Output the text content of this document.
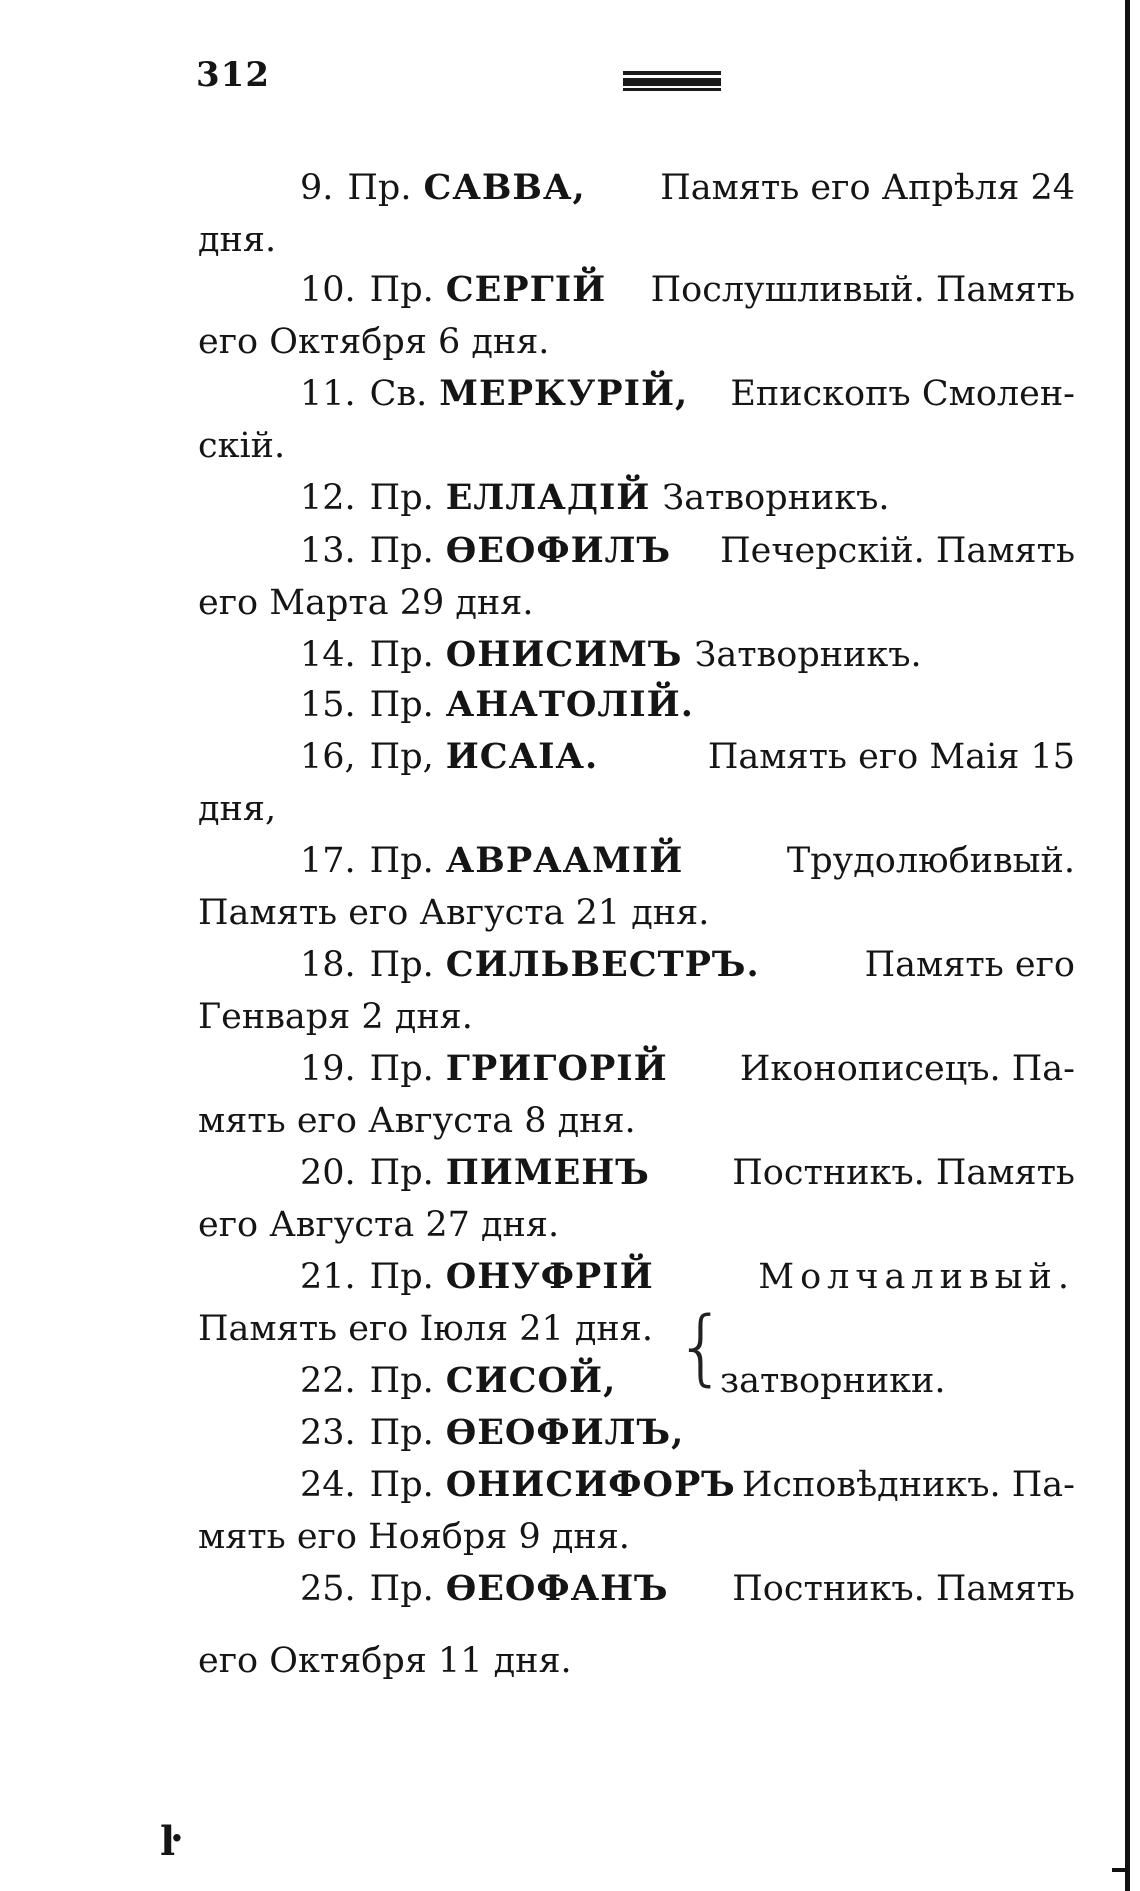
312
9. Пр. САВВА, Память его Апрѣля 24
дня.
10. Пр. СЕРГІЙ Послушливый. Память
его Октября 6 дня.
11. Св. МЕРКУРІЙ, Епископъ Смолен-
скій.
12. Пр. ЕЛЛАДІЙ Затворникъ.
13. Пр. ѲЕОФИЛЪ Печерскій. Память
его Марта 29 дня.
14. Пр. ОНИСИМЪ Затворникъ.
15. Пр. АНАТОЛІЙ.
16, Пр, ИСАІА.	Память его Маія 15
дня,
17. Пр. АВРААМІЙ	Трудолюбивый.
Память его Августа 21 дня.
18. Пр. СИЛЬВЕСТРЪ.	Память его
Генваря 2 дня.
19. Пр. ГРИГОРІЙ Иконописецъ. Па-
мять его Августа 8 дня.
20. Пр. ПИМЕНЪ Постникъ. Память
его Августа 27 дня.
21. Пр. ОНУФРІЙ	Молчаливый.
Память его Іюля 21 дня.
22. Пр. СИСОЙ,	затворники.
{
23. Пр. ѲЕОФИЛЪ,
24. Пр. ОНИСИФОРЪ Исповѣдникъ. Па-
мять его Ноября 9 дня.
25. Пр. ѲЕОФАНЪ Постникъ. Память
его Октября 11 дня.
ŀ
